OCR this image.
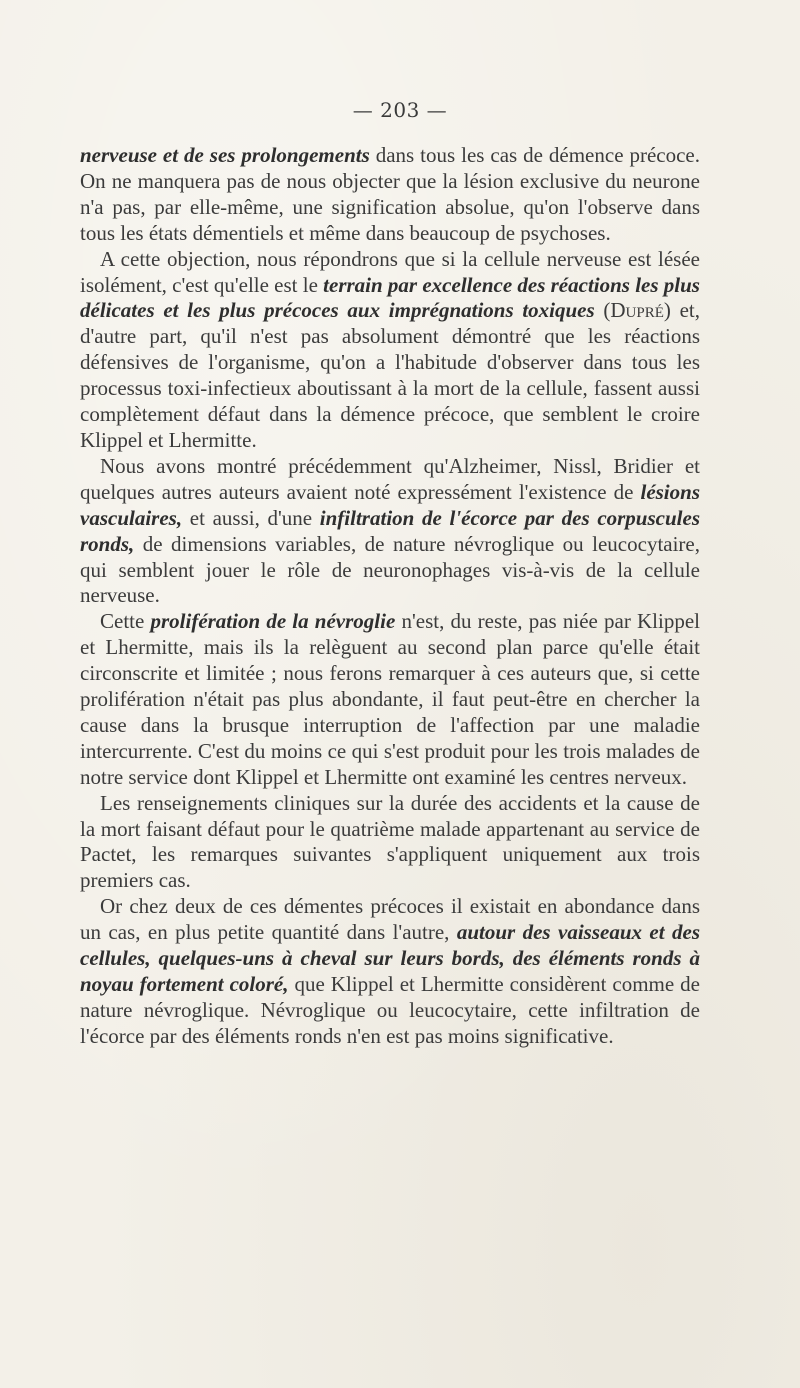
— 203 —

nerveuse et de ses prolongements dans tous les cas de démence précoce. On ne manquera pas de nous objecter que la lésion exclusive du neurone n'a pas, par elle-même, une signification absolue, qu'on l'observe dans tous les états démentiels et même dans beaucoup de psychoses.

A cette objection, nous répondrons que si la cellule nerveuse est lésée isolément, c'est qu'elle est le terrain par excellence des réactions les plus délicates et les plus précoces aux imprégnations toxiques (Dupré) et, d'autre part, qu'il n'est pas absolument démontré que les réactions défensives de l'organisme, qu'on a l'habitude d'observer dans tous les processus toxi-infectieux aboutissant à la mort de la cellule, fassent aussi complètement défaut dans la démence précoce, que semblent le croire Klippel et Lhermitte.

Nous avons montré précédemment qu'Alzheimer, Nissl, Bridier et quelques autres auteurs avaient noté expressément l'existence de lésions vasculaires, et aussi, d'une infiltration de l'écorce par des corpuscules ronds, de dimensions variables, de nature névroglique ou leucocytaire, qui semblent jouer le rôle de neuronophages vis-à-vis de la cellule nerveuse.

Cette prolifération de la névroglie n'est, du reste, pas niée par Klippel et Lhermitte, mais ils la relèguent au second plan parce qu'elle était circonscrite et limitée ; nous ferons remarquer à ces auteurs que, si cette prolifération n'était pas plus abondante, il faut peut-être en chercher la cause dans la brusque interruption de l'affection par une maladie intercurrente. C'est du moins ce qui s'est produit pour les trois malades de notre service dont Klippel et Lhermitte ont examiné les centres nerveux.

Les renseignements cliniques sur la durée des accidents et la cause de la mort faisant défaut pour le quatrième malade appartenant au service de Pactet, les remarques suivantes s'appliquent uniquement aux trois premiers cas.

Or chez deux de ces démentes précoces il existait en abondance dans un cas, en plus petite quantité dans l'autre, autour des vaisseaux et des cellules, quelques-uns à cheval sur leurs bords, des éléments ronds à noyau fortement coloré, que Klippel et Lhermitte considèrent comme de nature névroglique. Névroglique ou leucocytaire, cette infiltration de l'écorce par des éléments ronds n'en est pas moins significative.
